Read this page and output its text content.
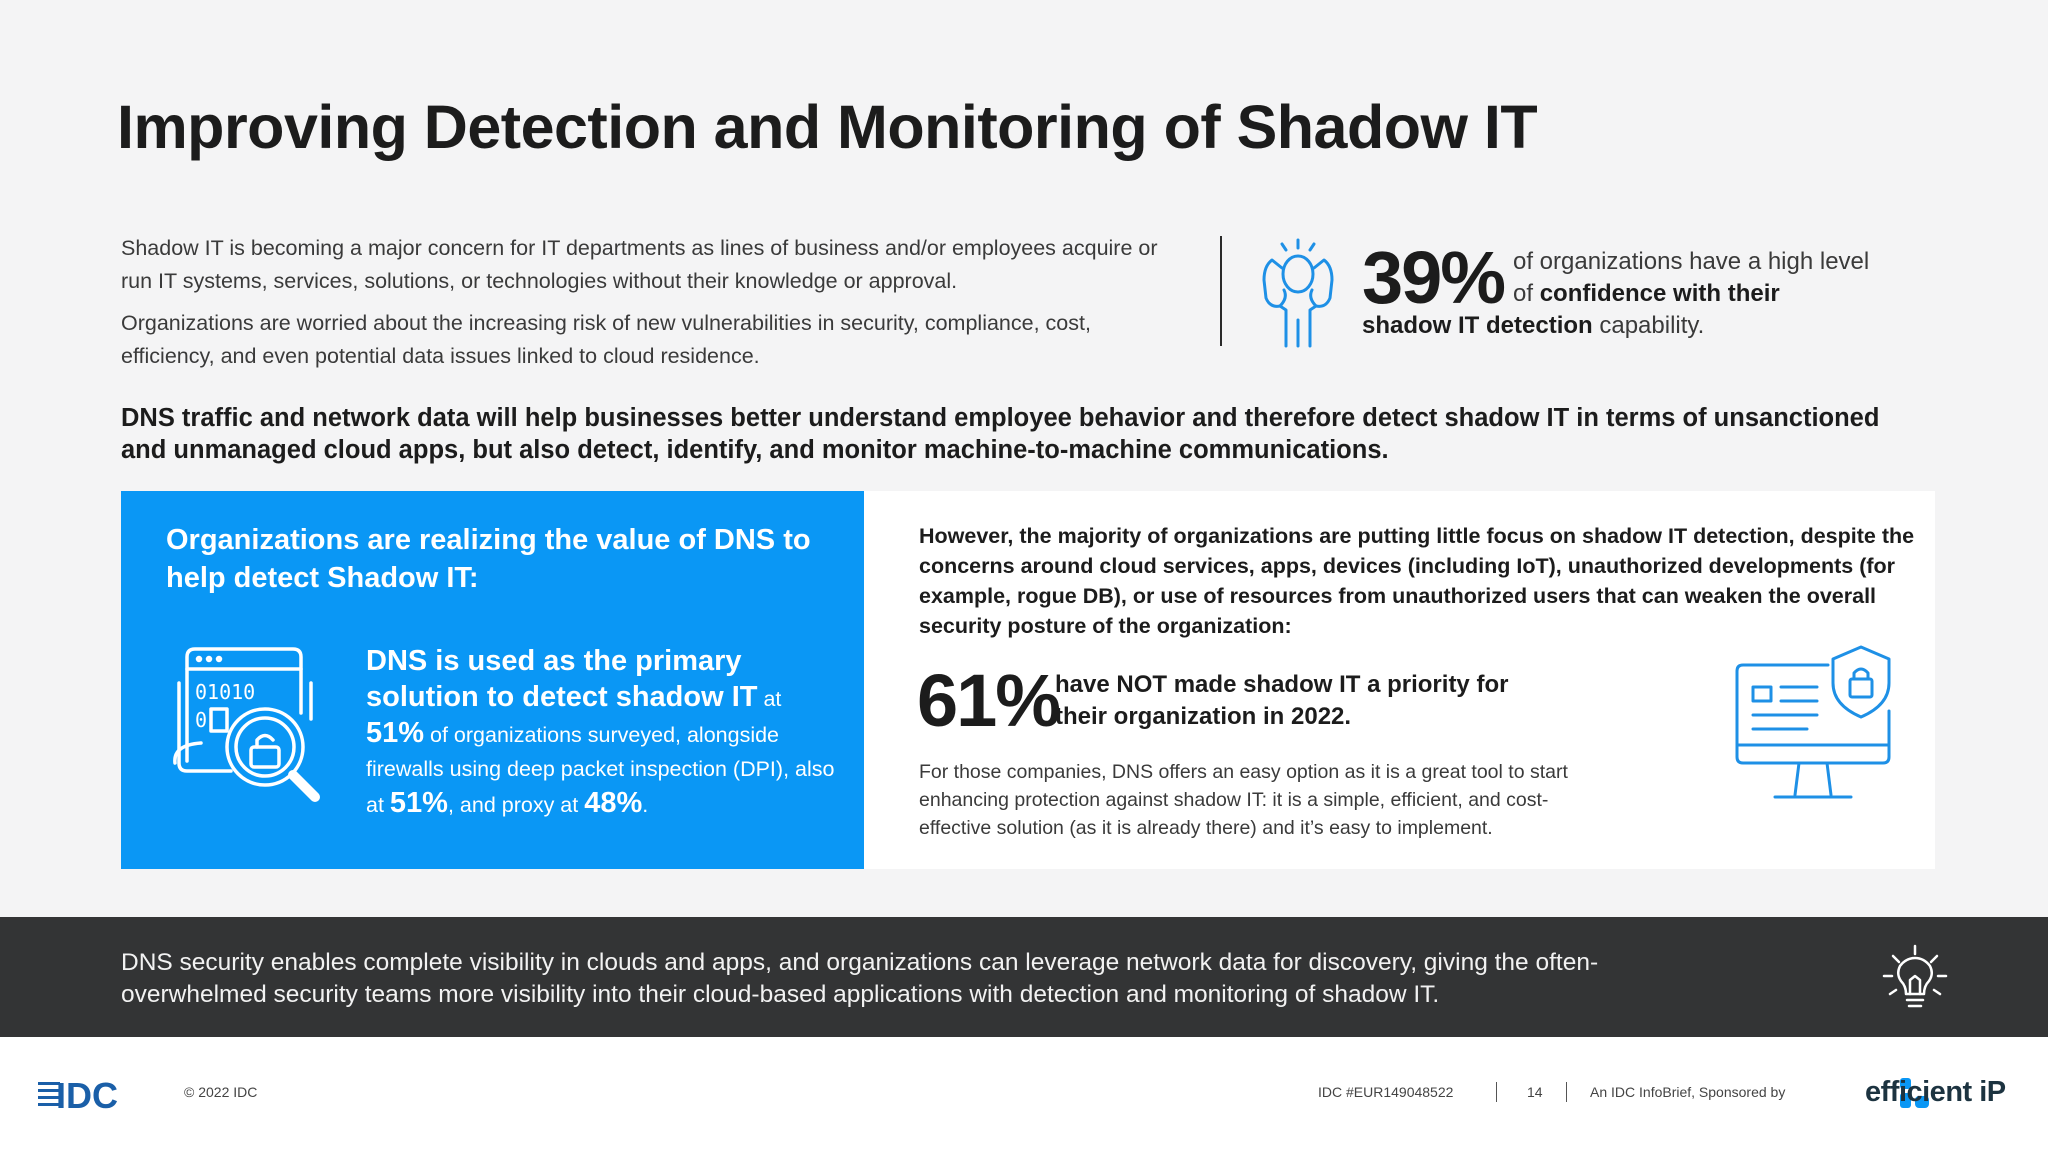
Improving Detection and Monitoring of Shadow IT

Shadow IT is becoming a major concern for IT departments as lines of business and/or employees acquire or run IT systems, services, solutions, or technologies without their knowledge or approval.

Organizations are worried about the increasing risk of new vulnerabilities in security, compliance, cost, efficiency, and even potential data issues linked to cloud residence.

39% of organizations have a high level of confidence with their
shadow IT detection capability.
DNS traffic and network data will help businesses better understand employee behavior and therefore detect shadow IT in terms of unsanctioned and unmanaged cloud apps, but also detect, identify, and monitor machine-to-machine communications.
Organizations are realizing the value of DNS to help detect Shadow IT:
01010
0
DNS is used as the primary solution to detect shadow IT at 51% of organizations surveyed, alongside firewalls using deep packet inspection (DPI), also at 51%, and proxy at 48%.
However, the majority of organizations are putting little focus on shadow IT detection, despite the concerns around cloud services, apps, devices (including IoT), unauthorized developments (for example, rogue DB), or use of resources from unauthorized users that can weaken the overall security posture of the organization:
61%
have NOT made shadow IT a priority for their organization in 2022.
For those companies, DNS offers an easy option as it is a great tool to start enhancing protection against shadow IT: it is a simple, efficient, and cost-effective solution (as it is already there) and it’s easy to implement.
DNS security enables complete visibility in clouds and apps, and organizations can leverage network data for discovery, giving the often-overwhelmed security teams more visibility into their cloud-based applications with detection and monitoring of shadow IT.
IDC	© 2022 IDC	IDC #EUR149048522	14	An IDC InfoBrief, Sponsored by	efficient iP
